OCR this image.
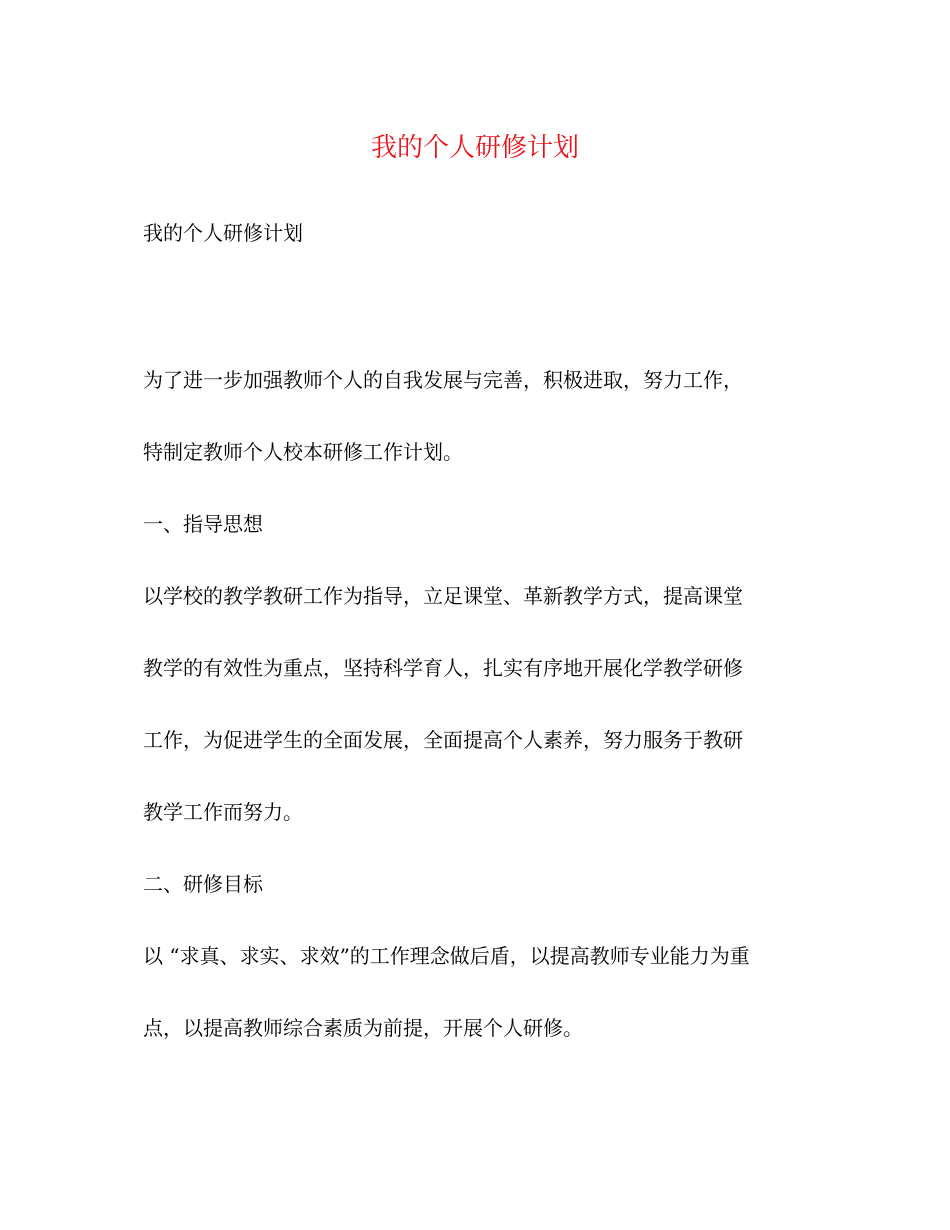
我的个人研修计划

我的个人研修计划

为了进一步加强教师个人的自我发展与完善，积极进取，努力工作，

特制定教师个人校本研修工作计划。

一、指导思想

以学校的教学教研工作为指导，立足课堂、革新教学方式，提高课堂

教学的有效性为重点，坚持科学育人，扎实有序地开展化学教学研修

工作，为促进学生的全面发展，全面提高个人素养，努力服务于教研

教学工作而努力。

二、研修目标

以 “求真、求实、求效”的工作理念做后盾，以提高教师专业能力为重

点，以提高教师综合素质为前提，开展个人研修。
